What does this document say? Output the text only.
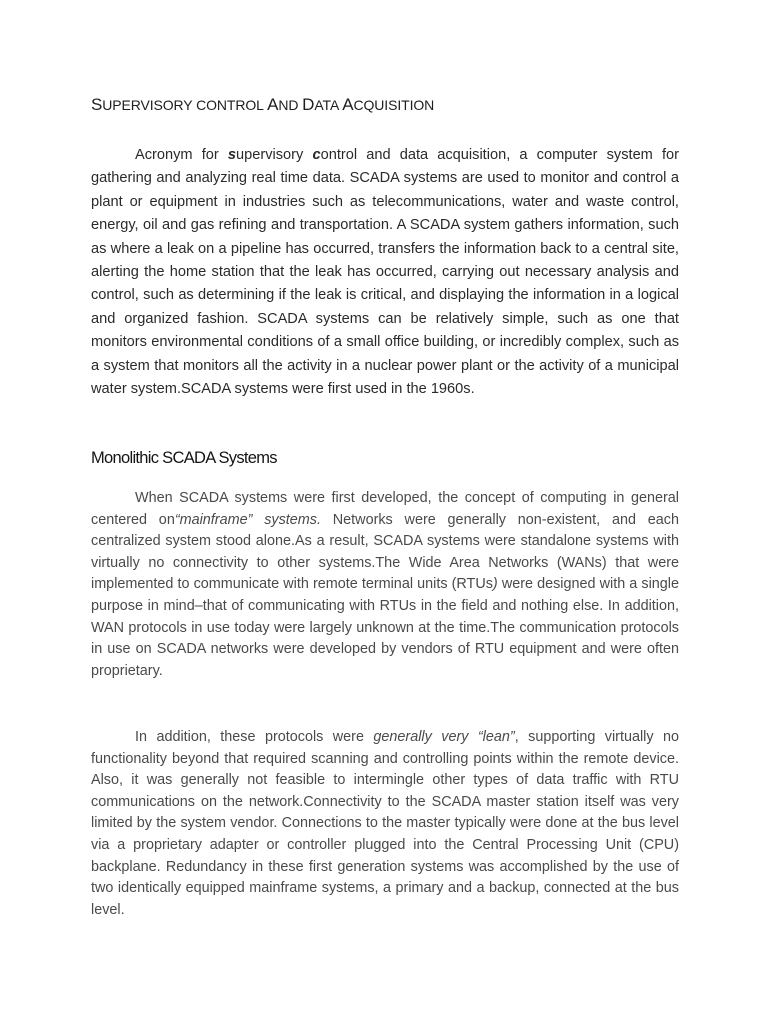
SUPERVISORY CONTROL AND DATA ACQUISITION

Acronym for supervisory control and data acquisition, a computer system for gathering and analyzing real time data. SCADA systems are used to monitor and control a plant or equipment in industries such as telecommunications, water and waste control, energy, oil and gas refining and transportation. A SCADA system gathers information, such as where a leak on a pipeline has occurred, transfers the information back to a central site, alerting the home station that the leak has occurred, carrying out necessary analysis and control, such as determining if the leak is critical, and displaying the information in a logical and organized fashion. SCADA systems can be relatively simple, such as one that monitors environmental conditions of a small office building, or incredibly complex, such as a system that monitors all the activity in a nuclear power plant or the activity of a municipal water system.SCADA systems were first used in the 1960s.

Monolithic SCADA Systems

When SCADA systems were first developed, the concept of computing in general centered on“mainframe” systems. Networks were generally non-existent, and each centralized system stood alone.As a result, SCADA systems were standalone systems with virtually no connectivity to other systems.The Wide Area Networks (WANs) that were implemented to communicate with remote terminal units (RTUs) were designed with a single purpose in mind–that of communicating with RTUs in the field and nothing else. In addition, WAN protocols in use today were largely unknown at the time.The communication protocols in use on SCADA networks were developed by vendors of RTU equipment and were often proprietary.

In addition, these protocols were generally very “lean”, supporting virtually no functionality beyond that required scanning and controlling points within the remote device. Also, it was generally not feasible to intermingle other types of data traffic with RTU communications on the network.Connectivity to the SCADA master station itself was very limited by the system vendor. Connections to the master typically were done at the bus level via a proprietary adapter or controller plugged into the Central Processing Unit (CPU) backplane. Redundancy in these first generation systems was accomplished by the use of two identically equipped mainframe systems, a primary and a backup, connected at the bus level.
